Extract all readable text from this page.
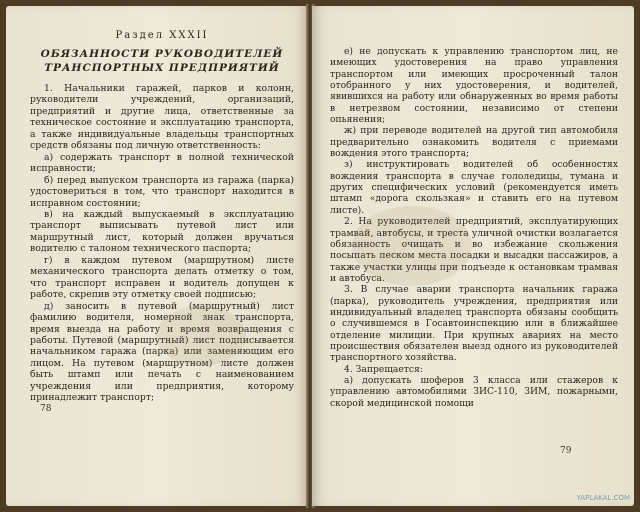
Раздел XXXII
ОБЯЗАННОСТИ РУКОВОДИТЕЛЕЙ
ТРАНСПОРТНЫХ ПРЕДПРИЯТИЙ

1. Начальники гаражей, парков и колонн, руководители учреждений, организаций, предприятий и другие лица, ответственные за техническое состояние и эксплуатацию транспорта, а также индивидуальные владельцы транспортных средств обязаны под личную ответственность:

а) содержать транспорт в полной технической исправности;

б) перед выпуском транспорта из гаража (парка) удостовериться в том, что транспорт находится в исправном состоянии;

в) на каждый выпускаемый в эксплуатацию транспорт выписывать путевой лист или маршрутный лист, который должен вручаться водителю с талоном технического паспорта;

г) в каждом путевом (маршрутном) листе механического транспорта делать отметку о том, что транспорт исправен и водитель допущен к работе, скрепив эту отметку своей подписью;

д) заносить в путевой (маршрутный) лист фамилию водителя, номерной знак транспорта, время выезда на работу и время возвращения с работы. Путевой (маршрутный) лист подписывается начальником гаража (парка) или заменяющим его лицом. На путевом (маршрутном) листе должен быть штамп или печать с наименованием учреждения или предприятия, которому принадлежит транспорт;

е) не допускать к управлению транспортом лиц, не имеющих удостоверения на право управления транспортом или имеющих просроченный талон отобранного у них удостоверения, и водителей, явившихся на работу или обнаруженных во время работы в нетрезвом состоянии, независимо от степени опьянения;

ж) при переводе водителей на другой тип автомобиля предварительно ознакомить водителя с приемами вождения этого транспорта;

з) инструктировать водителей об особенностях вождения транспорта в случае гололедицы, тумана и других специфических условий (рекомендуется иметь штамп «дорога скользкая» и ставить его на путевом листе).

2. На руководителей предприятий, эксплуатирующих трамвай, автобусы, и треста уличной очистки возлагается обязанность очищать и во избежание скольжения посыпать песком места посадки и высадки пассажиров, а также участки улицы при подъезде к остановкам трамвая и автобуса.

3. В случае аварии транспорта начальник гаража (парка), руководитель учреждения, предприятия или индивидуальный владелец транспорта обязаны сообщить о случившемся в Госавтоинспекцию или в ближайшее отделение милиции. При крупных авариях на место происшествия обязателен выезд одного из руководителей транспортного хозяйства.

4. Запрещается:

а) допускать шоферов 3 класса или стажеров к управлению автомобилями ЗИС-110, ЗИМ, пожарными, скорой медицинской помощи

78
79
YAPLAKAL.COM
